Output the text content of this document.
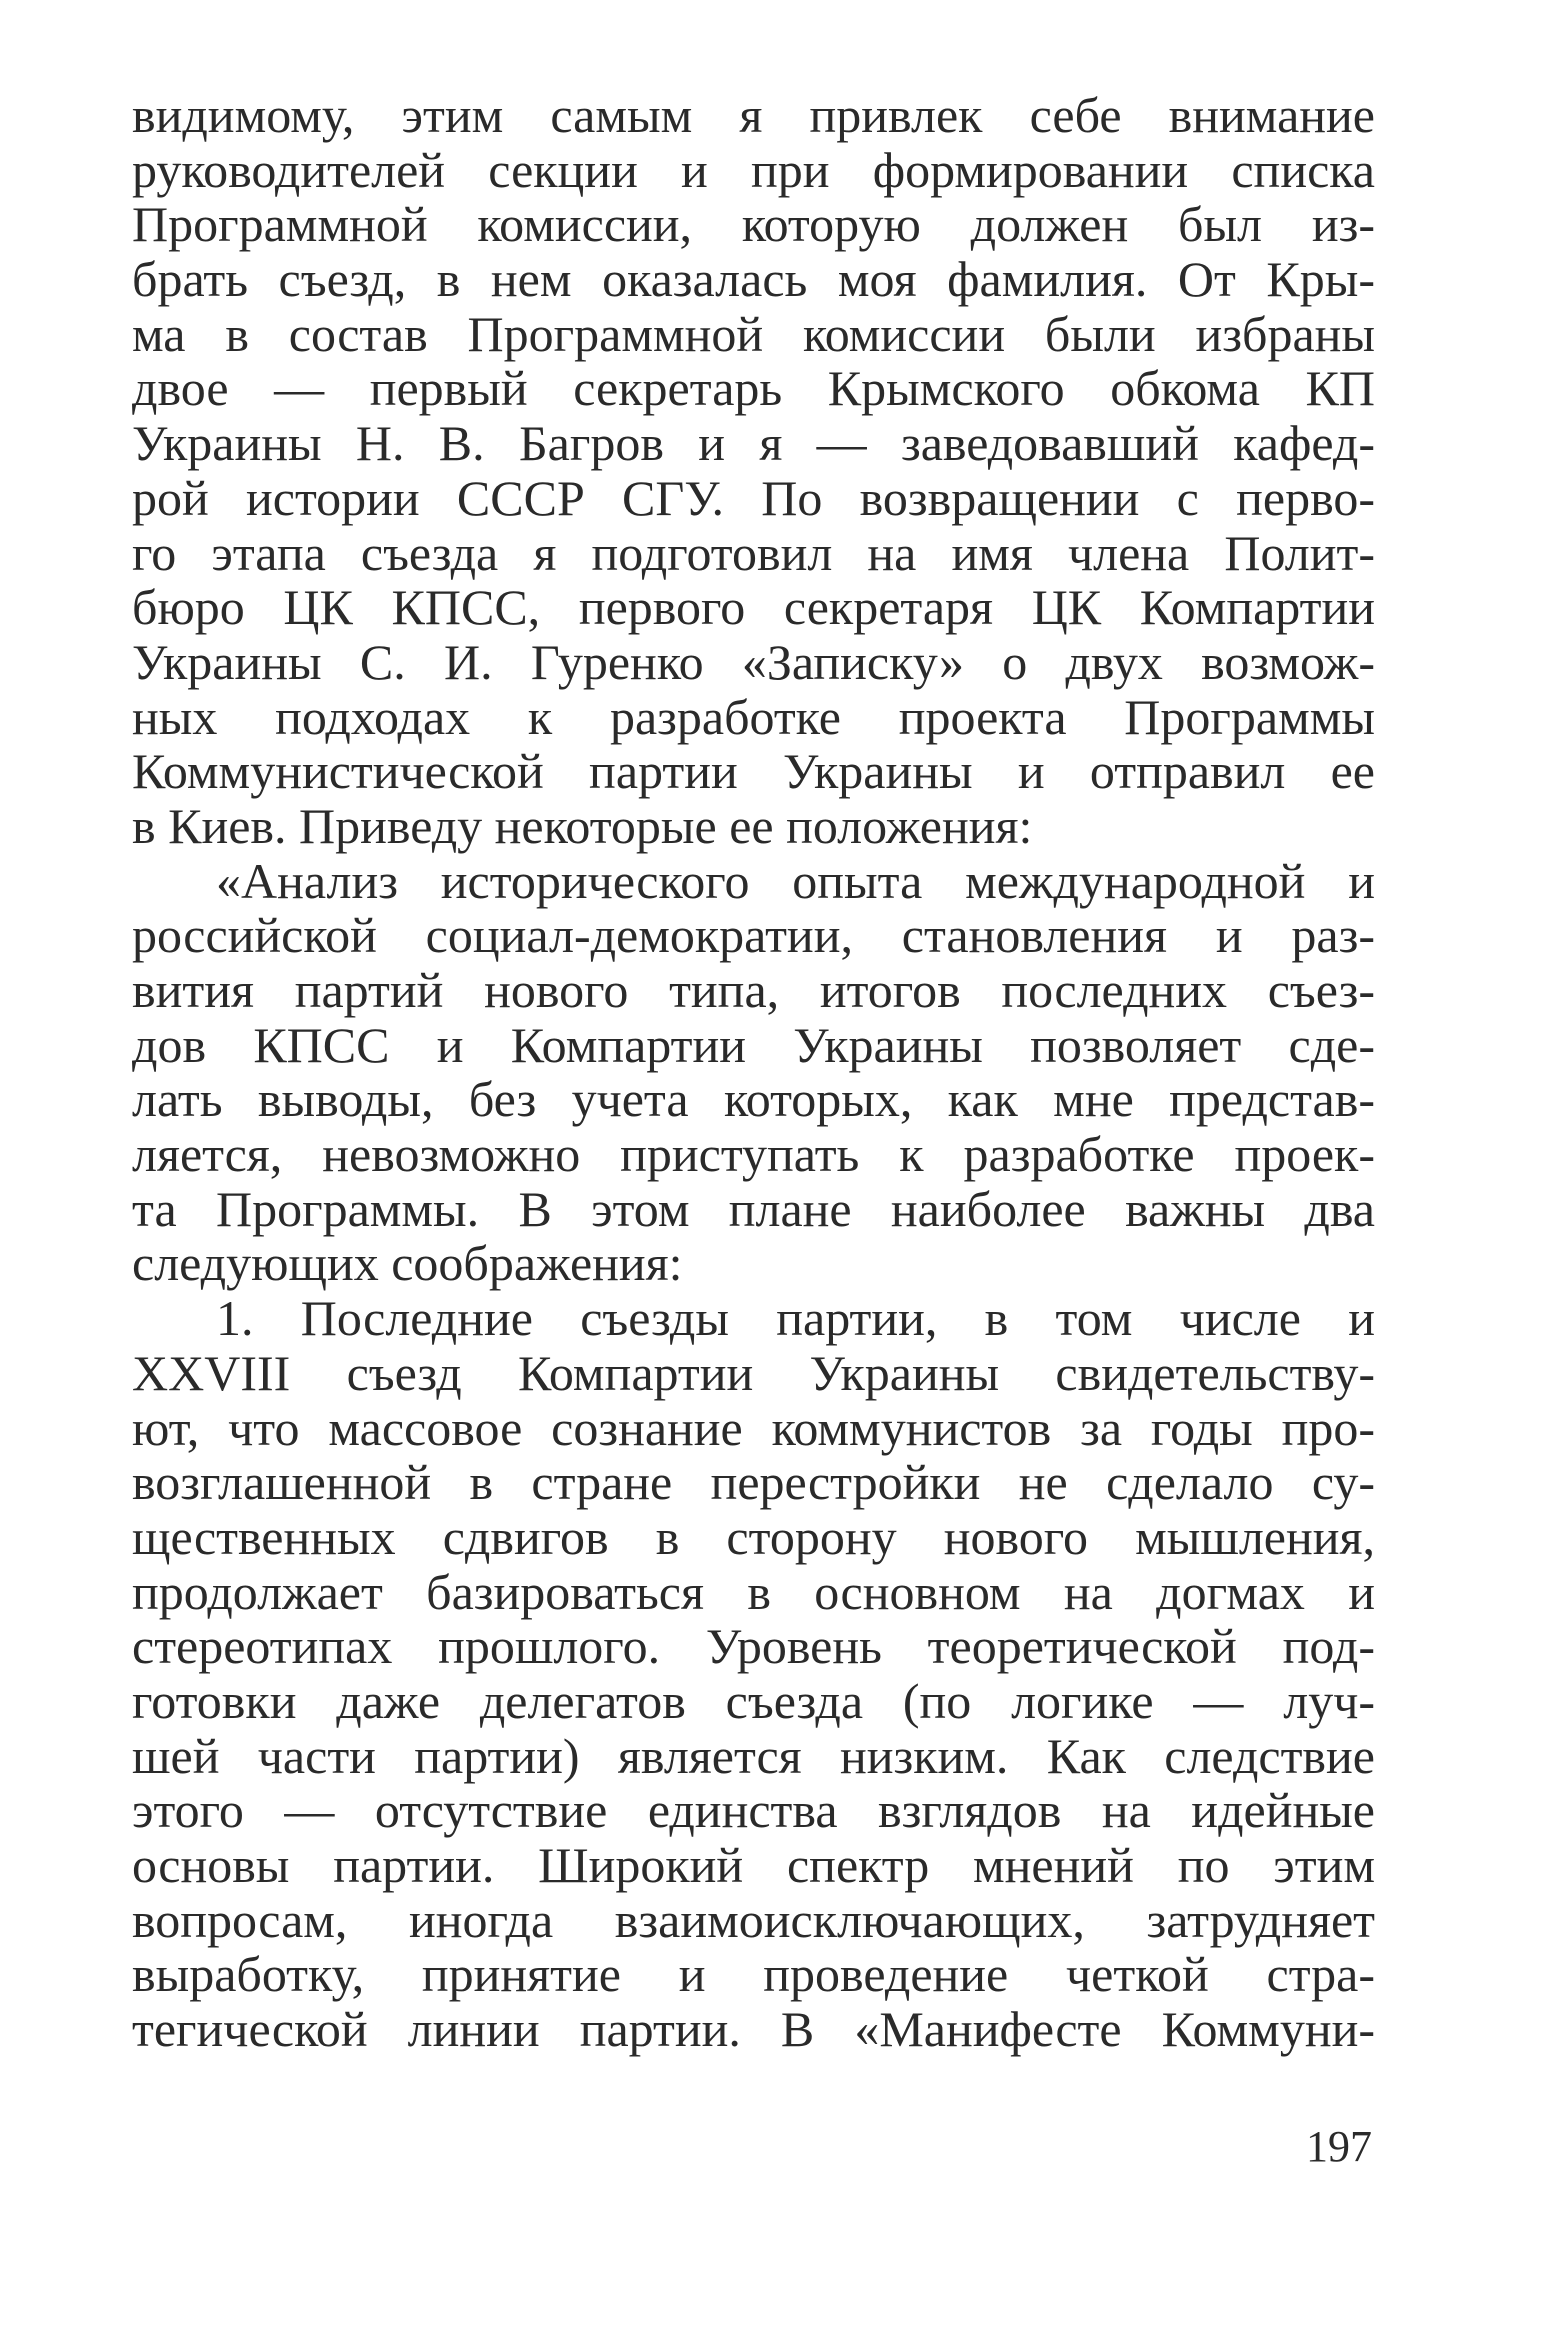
видимому, этим самым я привлек себе внимание
руководителей секции и при формировании списка
Программной комиссии, которую должен был из-
брать съезд, в нем оказалась моя фамилия. От Кры-
ма в состав Программной комиссии были избраны
двое — первый секретарь Крымского обкома КП
Украины Н. В. Багров и я — заведовавший кафед-
рой истории СССР СГУ. По возвращении с перво-
го этапа съезда я подготовил на имя члена Полит-
бюро ЦК КПСС, первого секретаря ЦК Компартии
Украины С. И. Гуренко «Записку» о двух возмож-
ных подходах к разработке проекта Программы
Коммунистической партии Украины и отправил ее
в Киев. Приведу некоторые ее положения:
«Анализ исторического опыта международной и
российской социал-демократии, становления и раз-
вития партий нового типа, итогов последних съез-
дов КПСС и Компартии Украины позволяет сде-
лать выводы, без учета которых, как мне представ-
ляется, невозможно приступать к разработке проек-
та Программы. В этом плане наиболее важны два
следующих соображения:
1. Последние съезды партии, в том числе и
XXVIII съезд Компартии Украины свидетельству-
ют, что массовое сознание коммунистов за годы про-
возглашенной в стране перестройки не сделало су-
щественных сдвигов в сторону нового мышления,
продолжает базироваться в основном на догмах и
стереотипах прошлого. Уровень теоретической под-
готовки даже делегатов съезда (по логике — луч-
шей части партии) является низким. Как следствие
этого — отсутствие единства взглядов на идейные
основы партии. Широкий спектр мнений по этим
вопросам, иногда взаимоисключающих, затрудняет
выработку, принятие и проведение четкой стра-
тегической линии партии. В «Манифесте Коммуни-
197
